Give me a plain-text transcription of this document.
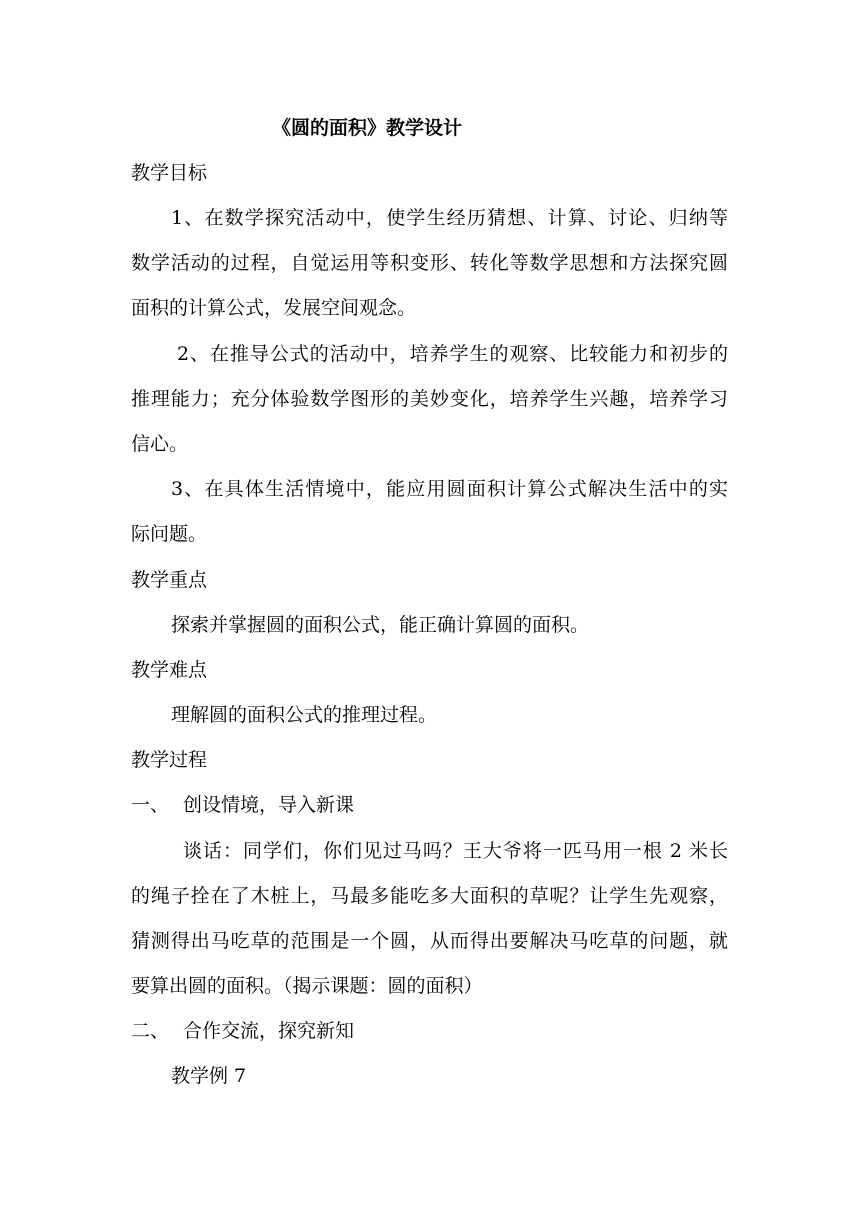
《圆的面积》教学设计
教学目标
1、在数学探究活动中，使学生经历猜想、计算、讨论、归纳等
数学活动的过程，自觉运用等积变形、转化等数学思想和方法探究圆
面积的计算公式，发展空间观念。
2、在推导公式的活动中，培养学生的观察、比较能力和初步的
推理能力；充分体验数学图形的美妙变化，培养学生兴趣，培养学习
信心。
3、在具体生活情境中，能应用圆面积计算公式解决生活中的实
际问题。
教学重点
探索并掌握圆的面积公式，能正确计算圆的面积。
教学难点
理解圆的面积公式的推理过程。
教学过程
一、 创设情境，导入新课
谈话：同学们，你们见过马吗？王大爷将一匹马用一根 2 米长
的绳子拴在了木桩上，马最多能吃多大面积的草呢？让学生先观察，
猜测得出马吃草的范围是一个圆，从而得出要解决马吃草的问题，就
要算出圆的面积。（揭示课题：圆的面积）
二、 合作交流，探究新知
教学例 7
